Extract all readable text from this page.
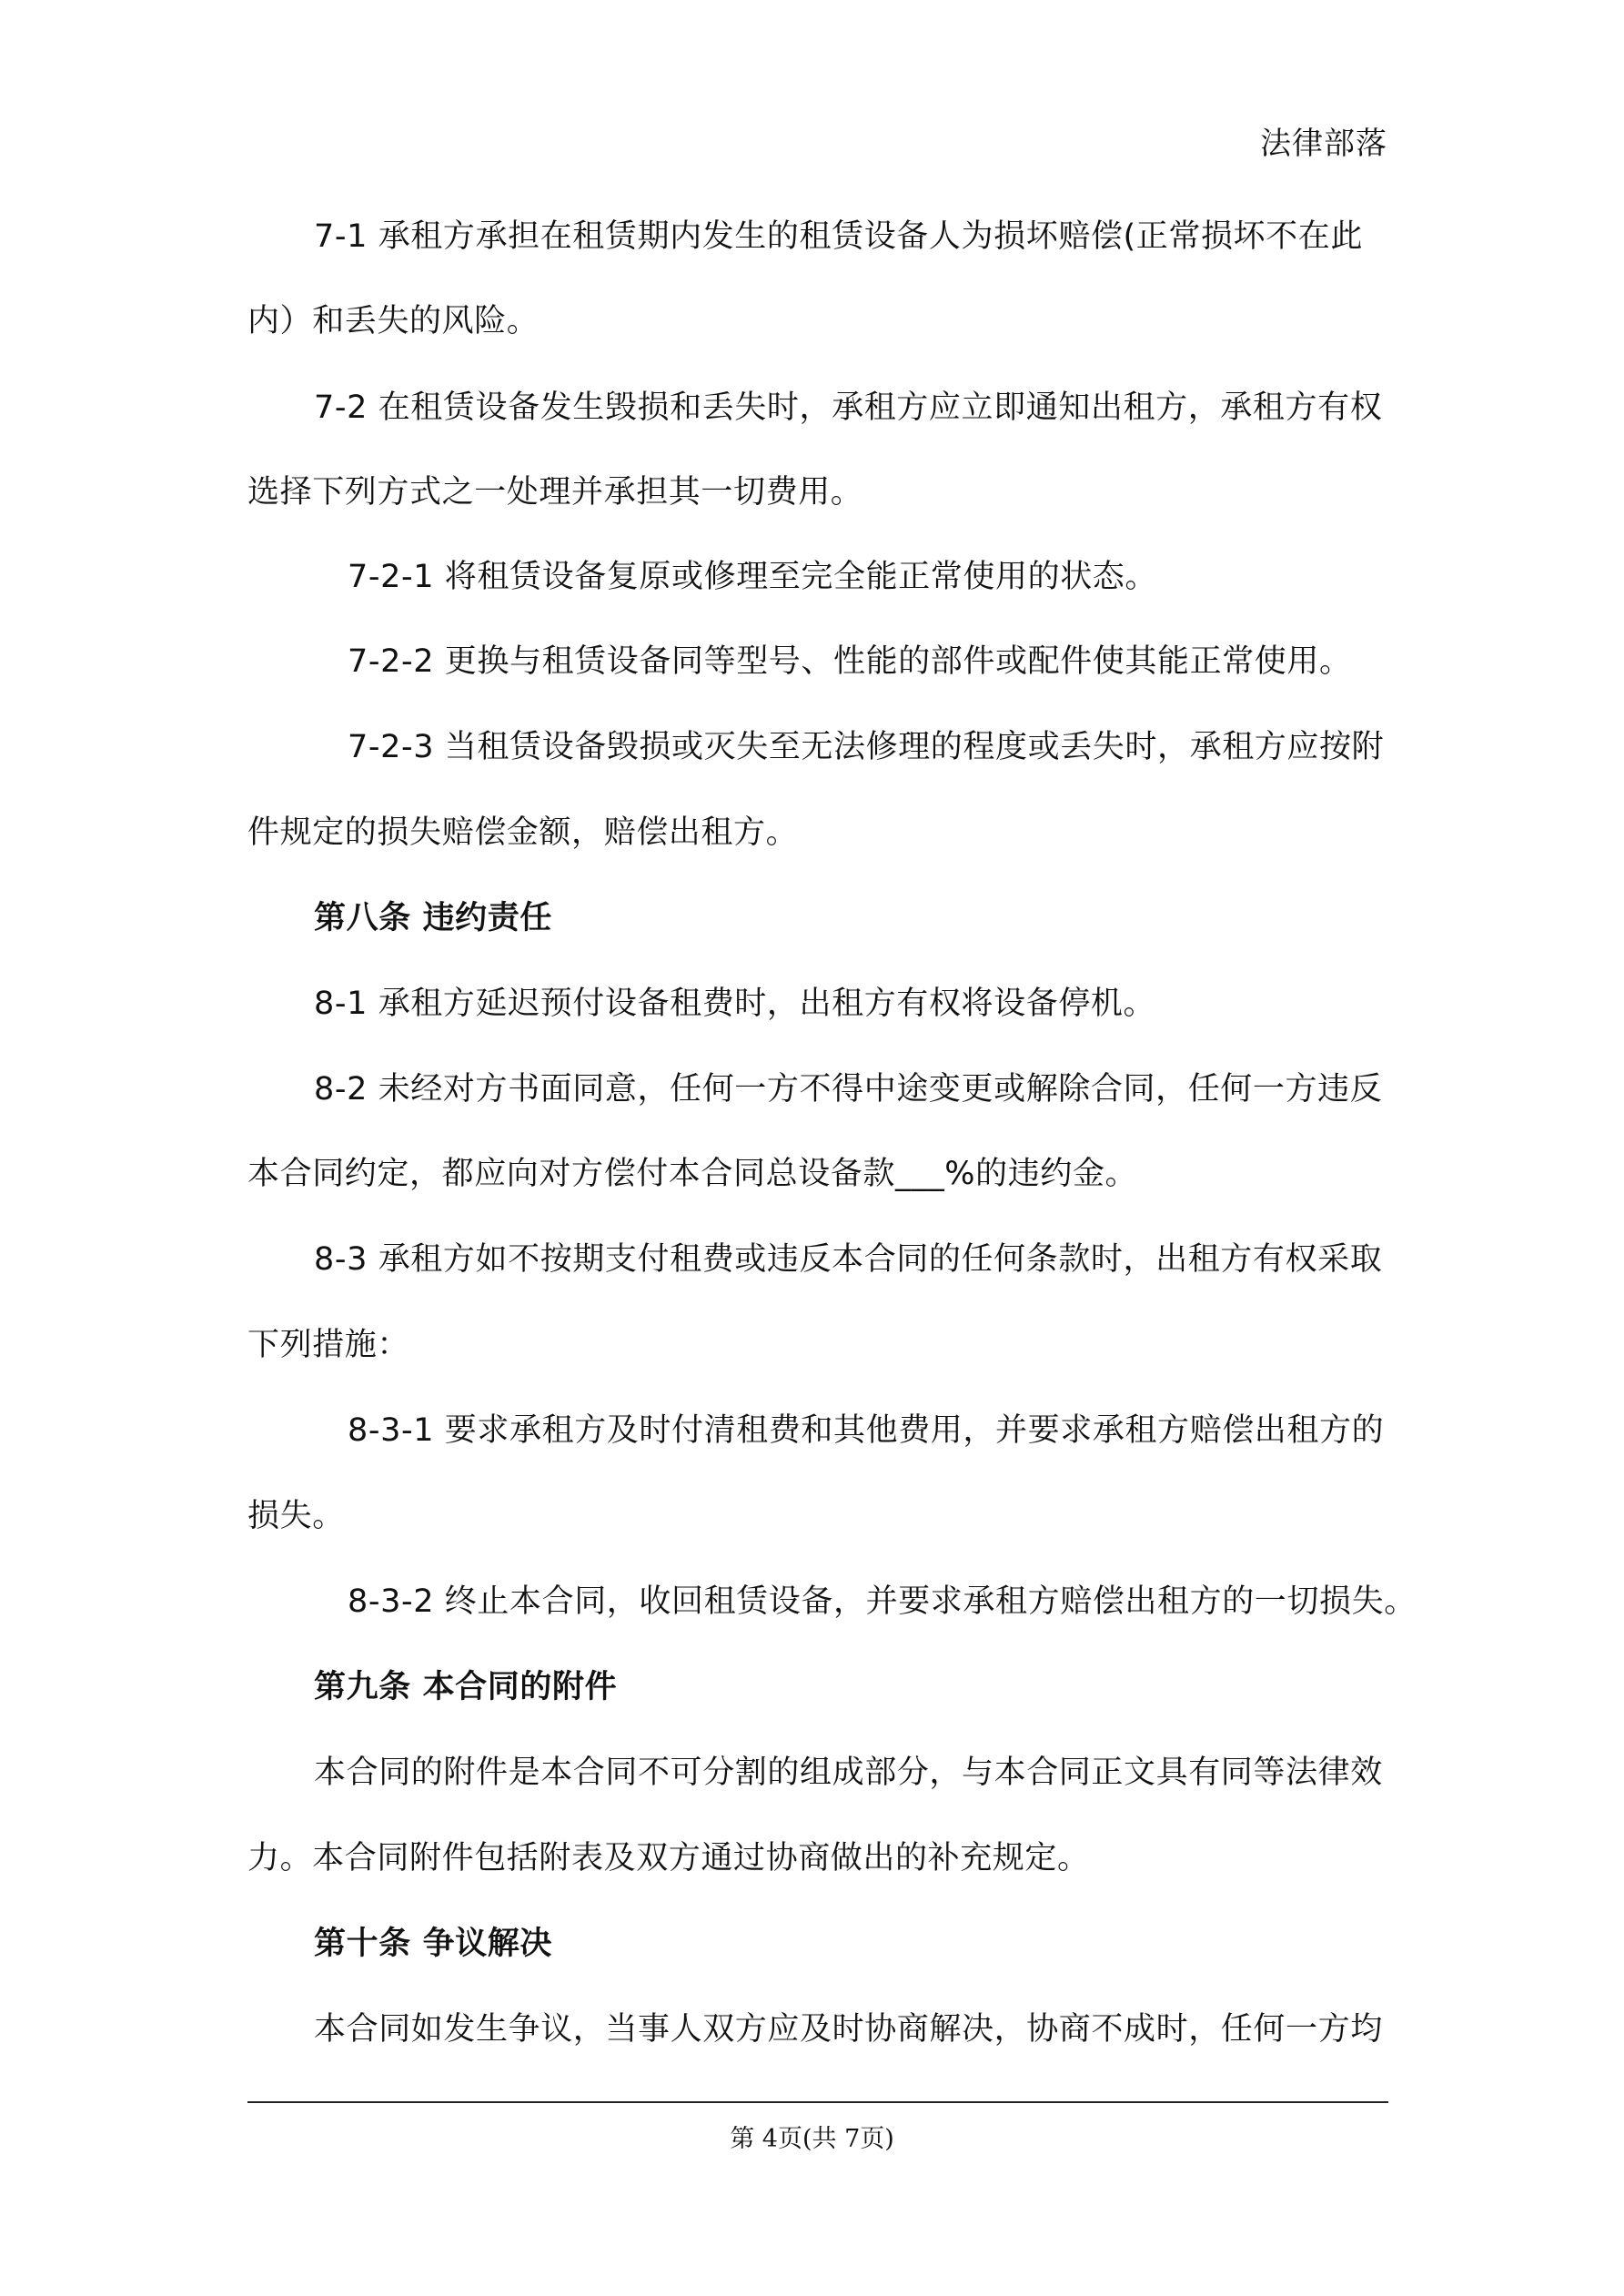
法律部落
7-1 承租方承担在租赁期内发生的租赁设备人为损坏赔偿(正常损坏不在此
内）和丢失的风险。
7-2 在租赁设备发生毁损和丢失时，承租方应立即通知出租方，承租方有权
选择下列方式之一处理并承担其一切费用。
7-2-1 将租赁设备复原或修理至完全能正常使用的状态。
7-2-2 更换与租赁设备同等型号、性能的部件或配件使其能正常使用。
7-2-3 当租赁设备毁损或灭失至无法修理的程度或丢失时，承租方应按附
件规定的损失赔偿金额，赔偿出租方。
第八条 违约责任
8-1 承租方延迟预付设备租费时，出租方有权将设备停机。
8-2 未经对方书面同意，任何一方不得中途变更或解除合同，任何一方违反
本合同约定，都应向对方偿付本合同总设备款___%的违约金。
8-3 承租方如不按期支付租费或违反本合同的任何条款时，出租方有权采取
下列措施：
8-3-1 要求承租方及时付清租费和其他费用，并要求承租方赔偿出租方的
损失。
8-3-2 终止本合同，收回租赁设备，并要求承租方赔偿出租方的一切损失。
第九条 本合同的附件
本合同的附件是本合同不可分割的组成部分，与本合同正文具有同等法律效
力。本合同附件包括附表及双方通过协商做出的补充规定。
第十条 争议解决
本合同如发生争议，当事人双方应及时协商解决，协商不成时，任何一方均
第 4页(共 7页)
